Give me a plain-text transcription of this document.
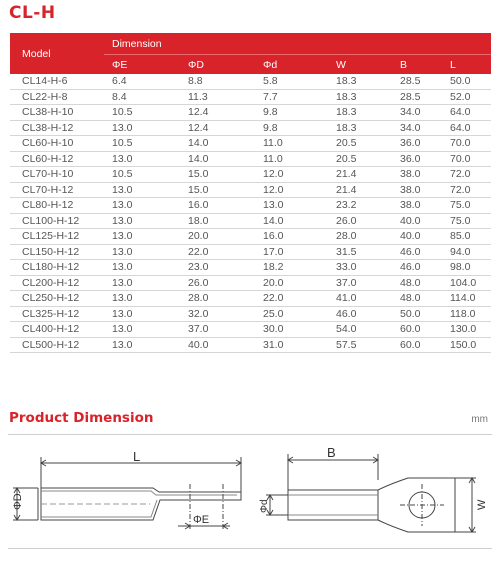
CL-H
Model	Dimension					
	ΦE	ΦD	Φd	W	B	L
CL14-H-6	6.4	8.8	5.8	18.3	28.5	50.0
CL22-H-8	8.4	11.3	7.7	18.3	28.5	52.0
CL38-H-10	10.5	12.4	9.8	18.3	34.0	64.0
CL38-H-12	13.0	12.4	9.8	18.3	34.0	64.0
CL60-H-10	10.5	14.0	11.0	20.5	36.0	70.0
CL60-H-12	13.0	14.0	11.0	20.5	36.0	70.0
CL70-H-10	10.5	15.0	12.0	21.4	38.0	72.0
CL70-H-12	13.0	15.0	12.0	21.4	38.0	72.0
CL80-H-12	13.0	16.0	13.0	23.2	38.0	75.0
CL100-H-12	13.0	18.0	14.0	26.0	40.0	75.0
CL125-H-12	13.0	20.0	16.0	28.0	40.0	85.0
CL150-H-12	13.0	22.0	17.0	31.5	46.0	94.0
CL180-H-12	13.0	23.0	18.2	33.0	46.0	98.0
CL200-H-12	13.0	26.0	20.0	37.0	48.0	104.0
CL250-H-12	13.0	28.0	22.0	41.0	48.0	114.0
CL325-H-12	13.0	32.0	25.0	46.0	50.0	118.0
CL400-H-12	13.0	37.0	30.0	54.0	60.0	130.0
CL500-H-12	13.0	40.0	31.0	57.5	60.0	150.0
Product Dimension	mm
L
ΦD
ΦE
B
Φd	W
